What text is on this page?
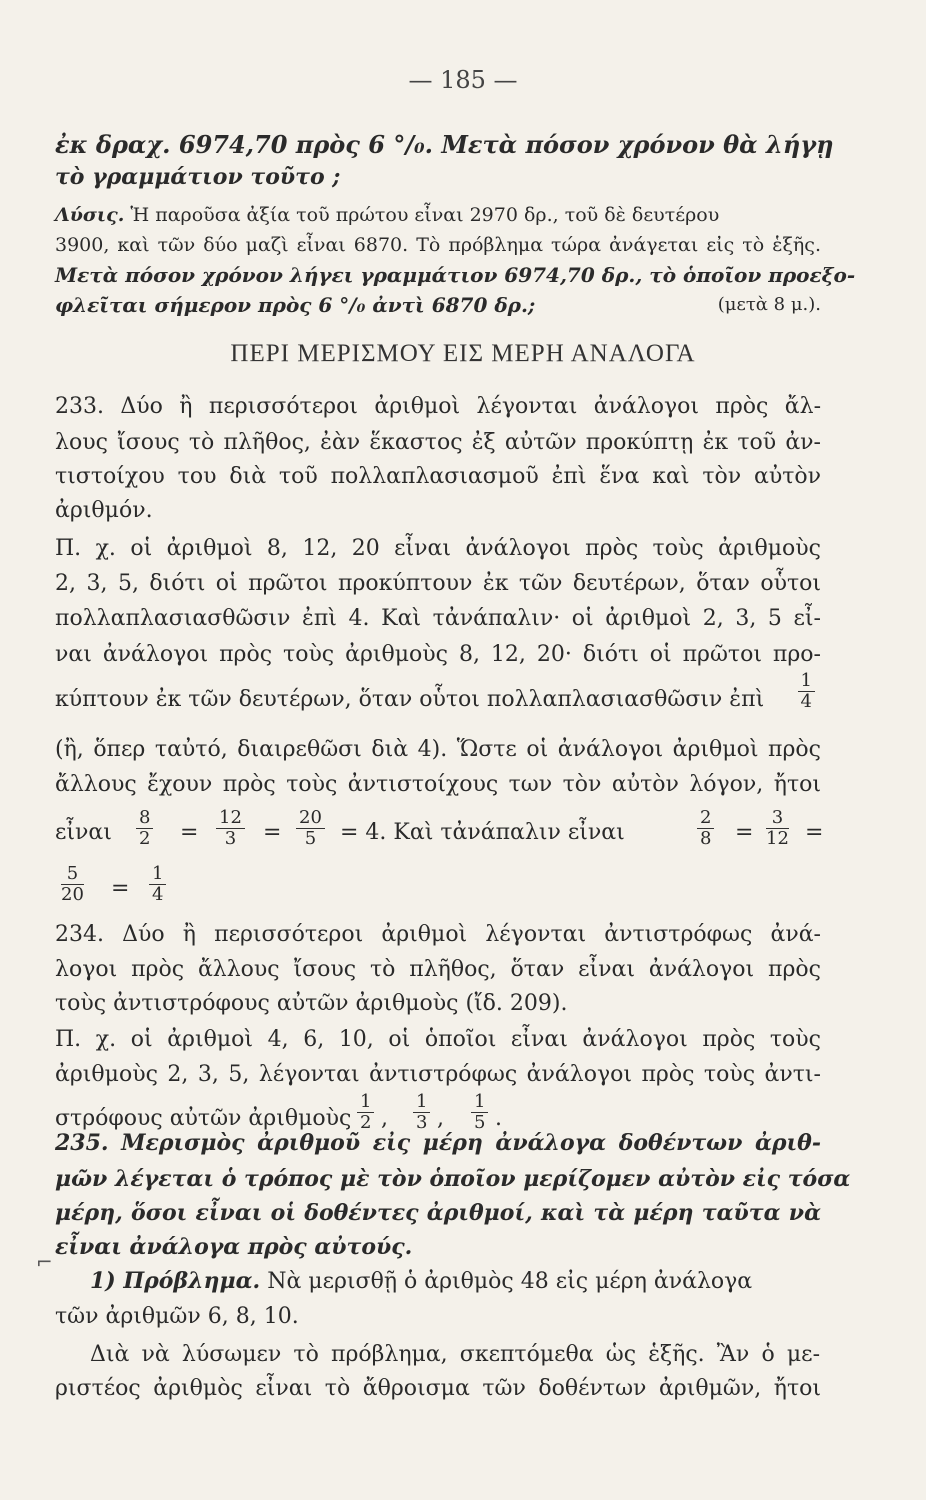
— 185 —
ἐκ δραχ. 6974,70 πρὸς 6 °/₀. Μετὰ πόσον χρόνον θὰ λήγῃ
τὸ γραμμάτιον τοῦτο ;
Λύσις. Ἡ παροῦσα ἀξία τοῦ πρώτου εἶναι 2970 δρ., τοῦ δὲ δευτέρου
3900, καὶ τῶν δύο μαζὶ εἶναι 6870. Τὸ πρόβλημα τώρα ἀνάγεται εἰς τὸ ἑξῆς.
Μετὰ πόσον χρόνον λήγει γραμμάτιον 6974,70 δρ., τὸ ὁποῖον προεξο-
φλεῖται σήμερον πρὸς 6 °/₀ ἀντὶ 6870 δρ.;	(μετὰ 8 μ.).
ΠΕΡΙ ΜΕΡΙΣΜΟΥ ΕΙΣ ΜΕΡΗ ΑΝΑΛΟΓΑ
233. Δύο ἢ περισσότεροι ἀριθμοὶ λέγονται ἀνάλογοι πρὸς ἄλ-
λους ἴσους τὸ πλῆθος, ἐὰν ἕκαστος ἐξ αὐτῶν προκύπτῃ ἐκ τοῦ ἀν-
τιστοίχου του διὰ τοῦ πολλαπλασιασμοῦ ἐπὶ ἕνα καὶ τὸν αὐτὸν
ἀριθμόν.
Π. χ. οἱ ἀριθμοὶ 8, 12, 20 εἶναι ἀνάλογοι πρὸς τοὺς ἀριθμοὺς
2, 3, 5, διότι οἱ πρῶτοι προκύπτουν ἐκ τῶν δευτέρων, ὅταν οὗτοι
πολλαπλασιασθῶσιν ἐπὶ 4. Καὶ τἀνάπαλιν· οἱ ἀριθμοὶ 2, 3, 5 εἶ-
ναι ἀνάλογοι πρὸς τοὺς ἀριθμοὺς 8, 12, 20· διότι οἱ πρῶτοι προ-
κύπτουν ἐκ τῶν δευτέρων, ὅταν οὗτοι πολλαπλασιασθῶσιν ἐπὶ $\frac{1}{4}$
(ἢ, ὅπερ ταὐτό, διαιρεθῶσι διὰ 4). Ὥστε οἱ ἀνάλογοι ἀριθμοὶ πρὸς
ἄλλους ἔχουν πρὸς τοὺς ἀντιστοίχους των τὸν αὐτὸν λόγον, ἤτοι
εἶναι $\frac{8}{2} = \frac{12}{3} = \frac{20}{5} = 4$. Καὶ τἀνάπαλιν εἶναι	$\frac{2}{8} = \frac{3}{12}$ =
$\frac{5}{20} = \frac{1}{4}$
234. Δύο ἢ περισσότεροι ἀριθμοὶ λέγονται ἀντιστρόφως ἀνά-
λογοι πρὸς ἄλλους ἴσους τὸ πλῆθος, ὅταν εἶναι ἀνάλογοι πρὸς
τοὺς ἀντιστρόφους αὐτῶν ἀριθμοὺς (ἴδ. 209).
Π. χ. οἱ ἀριθμοὶ 4, 6, 10, οἱ ὁποῖοι εἶναι ἀνάλογοι πρὸς τοὺς
ἀριθμοὺς 2, 3, 5, λέγονται ἀντιστρόφως ἀνάλογοι πρὸς τοὺς ἀντι-
στρόφους αὐτῶν ἀριθμοὺς $\frac{1}{2}$ , $\frac{1}{3}$ , $\frac{1}{5}$ .
235. Μερισμὸς ἀριθμοῦ εἰς μέρη ἀνάλογα δοθέντων ἀριθ-
μῶν λέγεται ὁ τρόπος μὲ τὸν ὁποῖον μερίζομεν αὐτὸν εἰς τόσα
μέρη, ὅσοι εἶναι οἱ δοθέντες ἀριθμοί, καὶ τὰ μέρη ταῦτα νὰ
εἶναι ἀνάλογα πρὸς αὐτούς.
⌐
1) Πρόβλημα. Νὰ μερισθῇ ὁ ἀριθμὸς 48 εἰς μέρη ἀνάλογα
τῶν ἀριθμῶν 6, 8, 10.
Διὰ νὰ λύσωμεν τὸ πρόβλημα, σκεπτόμεθα ὡς ἑξῆς. Ἂν ὁ με-
ριστέος ἀριθμὸς εἶναι τὸ ἄθροισμα τῶν δοθέντων ἀριθμῶν, ἤτοι
